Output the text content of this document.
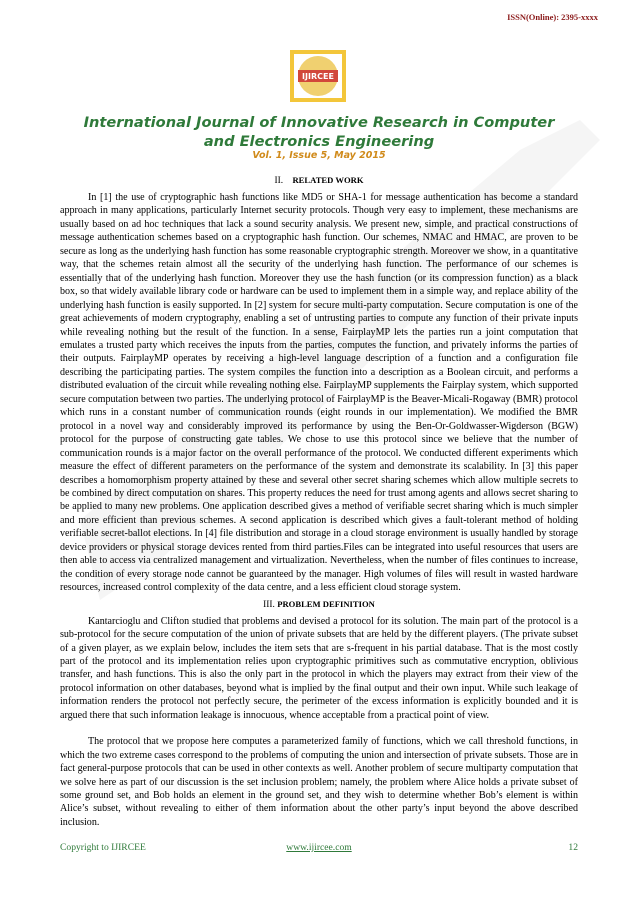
ISSN(Online): 2395-xxxx
IJIRCEE
International Journal of Innovative Research in Computer
and Electronics Engineering
Vol. 1, Issue 5, May 2015
II. RELATED WORK

In [1] the use of cryptographic hash functions like MD5 or SHA-1 for message authentication has become a standard approach in many applications, particularly Internet security protocols. Though very easy to implement, these mechanisms are usually based on ad hoc techniques that lack a sound security analysis. We present new, simple, and practical constructions of message authentication schemes based on a cryptographic hash function. Our schemes, NMAC and HMAC, are proven to be secure as long as the underlying hash function has some reasonable cryptographic strength. Moreover we show, in a quantitative way, that the schemes retain almost all the security of the underlying hash function. The performance of our schemes is essentially that of the underlying hash function. Moreover they use the hash function (or its compression function) as a black box, so that widely available library code or hardware can be used to implement them in a simple way, and replace ability of the underlying hash function is easily supported. In [2] system for secure multi-party computation. Secure computation is one of the great achievements of modern cryptography, enabling a set of untrusting parties to compute any function of their private inputs while revealing nothing but the result of the function. In a sense, FairplayMP lets the parties run a joint computation that emulates a trusted party which receives the inputs from the parties, computes the function, and privately informs the parties of their outputs. FairplayMP operates by receiving a high-level language description of a function and a configuration file describing the participating parties. The system compiles the function into a description as a Boolean circuit, and performs a distributed evaluation of the circuit while revealing nothing else. FairplayMP supplements the Fairplay system, which supported secure computation between two parties. The underlying protocol of FairplayMP is the Beaver-Micali-Rogaway (BMR) protocol which runs in a constant number of communication rounds (eight rounds in our implementation). We modified the BMR protocol in a novel way and considerably improved its performance by using the Ben-Or-Goldwasser-Wigderson (BGW) protocol for the purpose of constructing gate tables. We chose to use this protocol since we believe that the number of communication rounds is a major factor on the overall performance of the protocol. We conducted different experiments which measure the effect of different parameters on the performance of the system and demonstrate its scalability. In [3] this paper describes a homomorphism property attained by these and several other secret sharing schemes which allow multiple secrets to be combined by direct computation on shares. This property reduces the need for trust among agents and allows secret sharing to be applied to many new problems. One application described gives a method of verifiable secret sharing which is much simpler and more efficient than previous schemes. A second application is described which gives a fault-tolerant method of holding verifiable secret-ballot elections. In [4] file distribution and storage in a cloud storage environment is usually handled by storage device providers or physical storage devices rented from third parties.Files can be integrated into useful resources that users are then able to access via centralized management and virtualization. Nevertheless, when the number of files continues to increase, the condition of every storage node cannot be guaranteed by the manager. High volumes of files will result in wasted hardware resources, increased control complexity of the data centre, and a less efficient cloud storage system.

III. PROBLEM DEFINITION

Kantarcioglu and Clifton studied that problems and devised a protocol for its solution. The main part of the protocol is a sub-protocol for the secure computation of the union of private subsets that are held by the different players. (The private subset of a given player, as we explain below, includes the item sets that are s-frequent in his partial database. That is the most costly part of the protocol and its implementation relies upon cryptographic primitives such as commutative encryption, oblivious transfer, and hash functions. This is also the only part in the protocol in which the players may extract from their view of the protocol information on other databases, beyond what is implied by the final output and their own input. While such leakage of information renders the protocol not perfectly secure, the perimeter of the excess information is explicitly bounded and it is argued there that such information leakage is innocuous, whence acceptable from a practical point of view.

The protocol that we propose here computes a parameterized family of functions, which we call threshold functions, in which the two extreme cases correspond to the problems of computing the union and intersection of private subsets. Those are in fact general-purpose protocols that can be used in other contexts as well. Another problem of secure multiparty computation that we solve here as part of our discussion is the set inclusion problem; namely, the problem where Alice holds a private subset of some ground set, and Bob holds an element in the ground set, and they wish to determine whether Bob’s element is within Alice’s subset, without revealing to either of them information about the other party’s input beyond the above described inclusion.

Copyright to IJIRCEE	www.ijircee.com	12
